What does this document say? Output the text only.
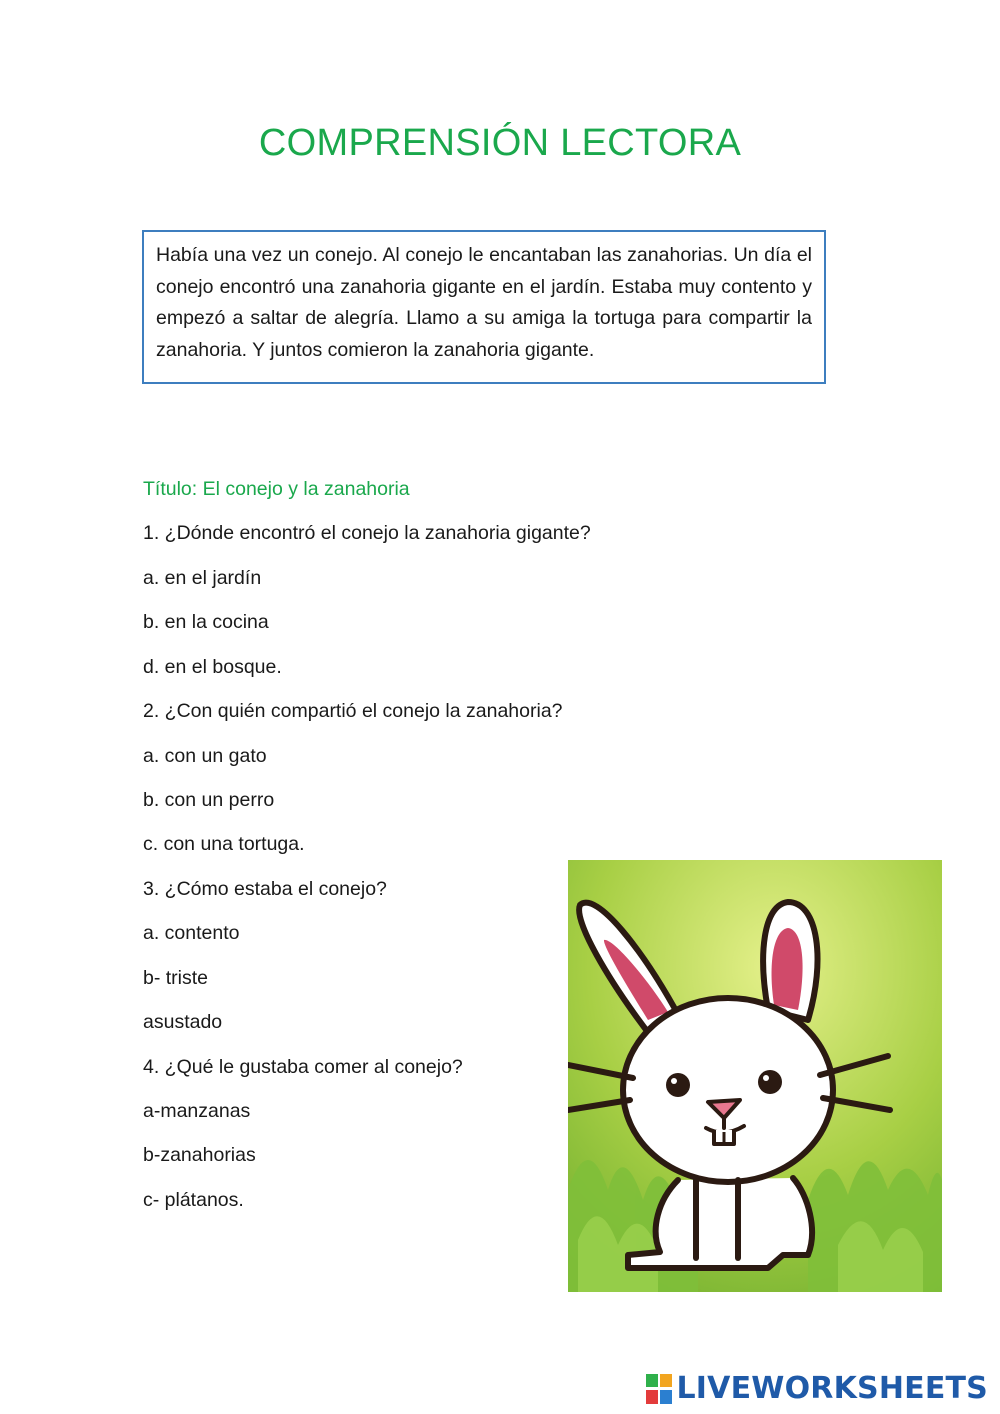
COMPRENSIÓN LECTORA

Había una vez un conejo. Al conejo le encantaban las zanahorias. Un día el conejo encontró una zanahoria gigante en el jardín. Estaba muy contento y empezó a saltar de alegría. Llamo a su amiga la tortuga para compartir la zanahoria. Y juntos comieron la zanahoria gigante.

Título: El conejo y la zanahoria
1. ¿Dónde encontró el conejo la zanahoria gigante?
a. en el jardín
b. en la cocina
d. en el bosque.
2. ¿Con quién compartió el conejo la zanahoria?
a. con un gato
b. con un perro
c. con una tortuga.
3. ¿Cómo estaba el conejo?
a. contento
b- triste
asustado
4. ¿Qué le gustaba comer al conejo?
a-manzanas
b-zanahorias
c- plátanos.
LIVEWORKSHEETS
